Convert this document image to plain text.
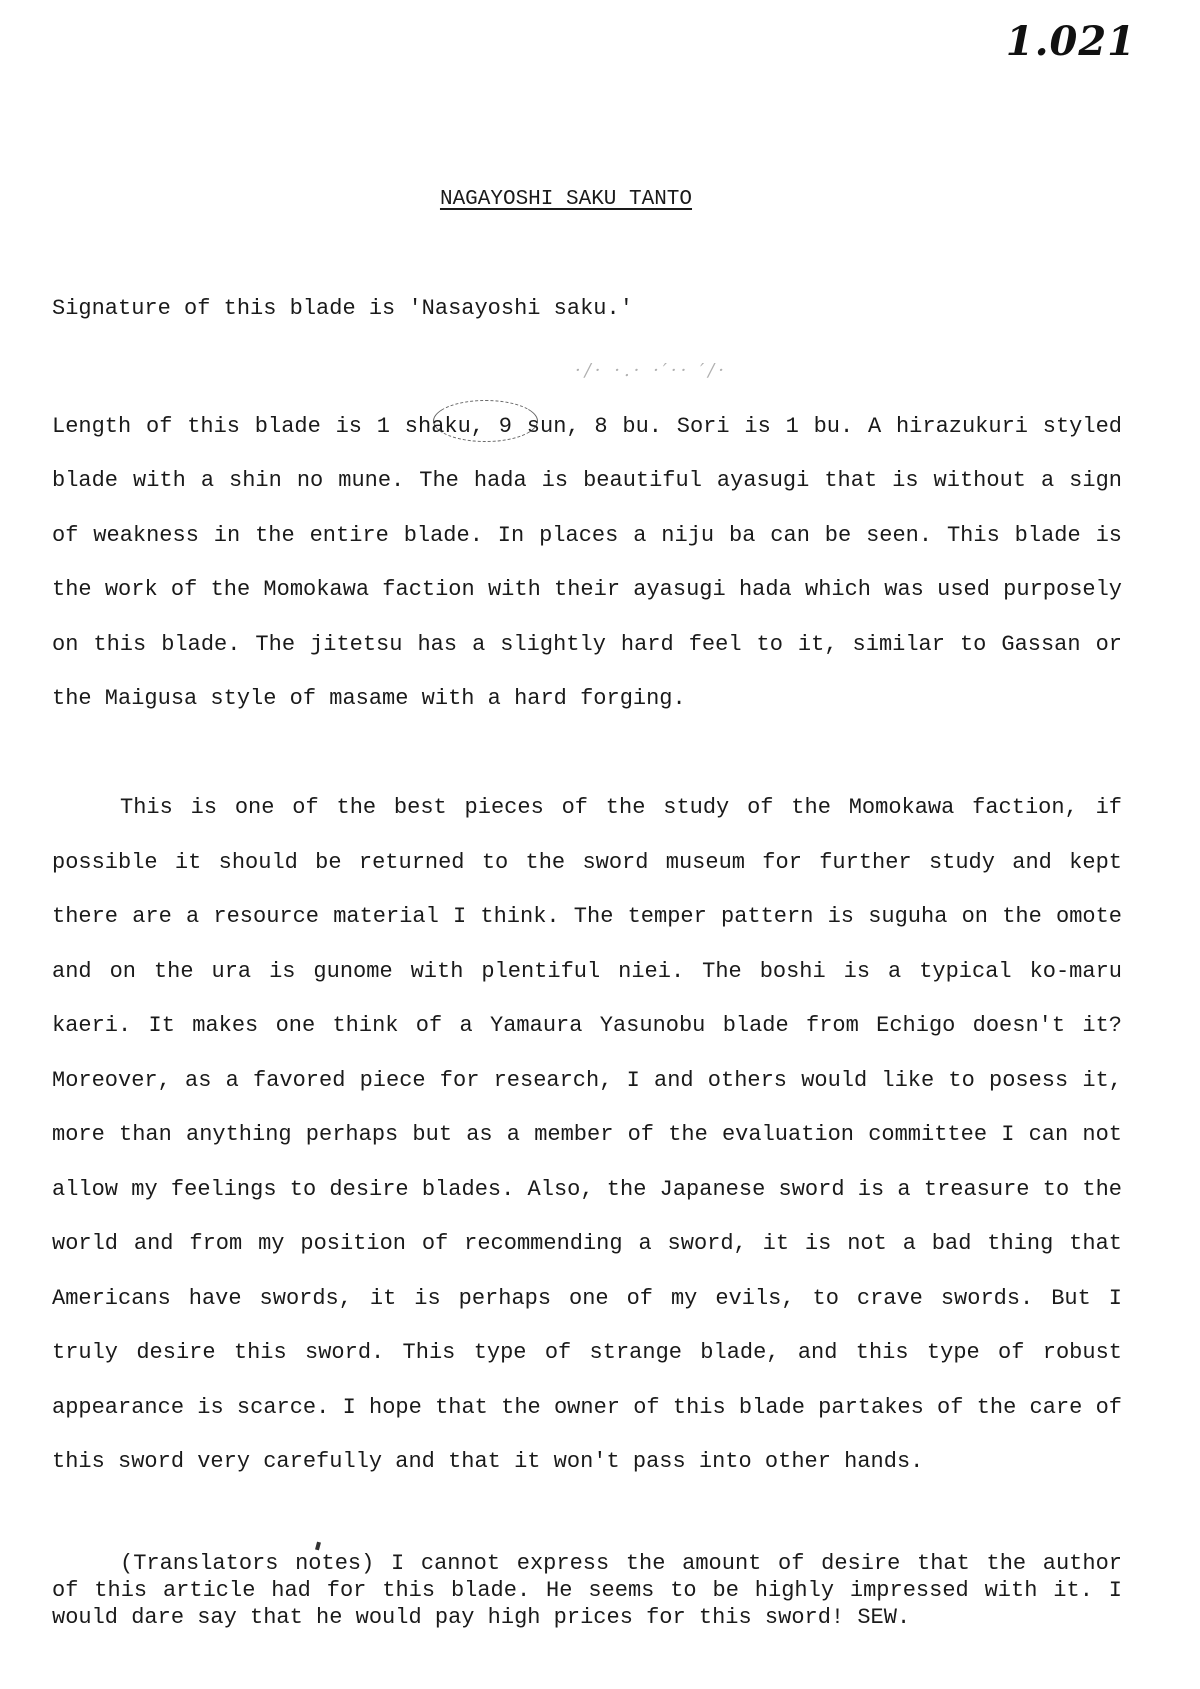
1.021
NAGAYOSHI SAKU TANTO
Signature of this blade is 'Nasayoshi saku.'
·/· ·.· ·′·· ′/·
Length of this blade is 1 shaku, 9 sun, 8 bu. Sori is 1 bu. A hirazukuri styled blade with a shin no mune. The hada is beautiful ayasugi that is without a sign of weakness in the entire blade. In places a niju ba can be seen. This blade is the work of the Momokawa faction with their ayasugi hada which was used purposely on this blade. The jitetsu has a slightly hard feel to it, similar to Gassan or the Maigusa style of masame with a hard forging.
This is one of the best pieces of the study of the Momokawa faction, if possible it should be returned to the sword museum for further study and kept there are a resource material I think. The temper pattern is suguha on the omote and on the ura is gunome with plentiful niei. The boshi is a typical ko-maru kaeri. It makes one think of a Yamaura Yasunobu blade from Echigo doesn't it? Moreover, as a favored piece for research, I and others would like to posess it, more than anything perhaps but as a member of the evaluation committee I can not allow my feelings to desire blades. Also, the Japanese sword is a treasure to the world and from my position of recommending a sword, it is not a bad thing that Americans have swords, it is perhaps one of my evils, to crave swords. But I truly desire this sword. This type of strange blade, and this type of robust appearance is scarce. I hope that the owner of this blade partakes of the care of this sword very carefully and that it won't pass into other hands.
(Translators notes) I cannot express the amount of desire that the author of this article had for this blade. He seems to be highly impressed with it. I would dare say that he would pay high prices for this sword! SEW.
